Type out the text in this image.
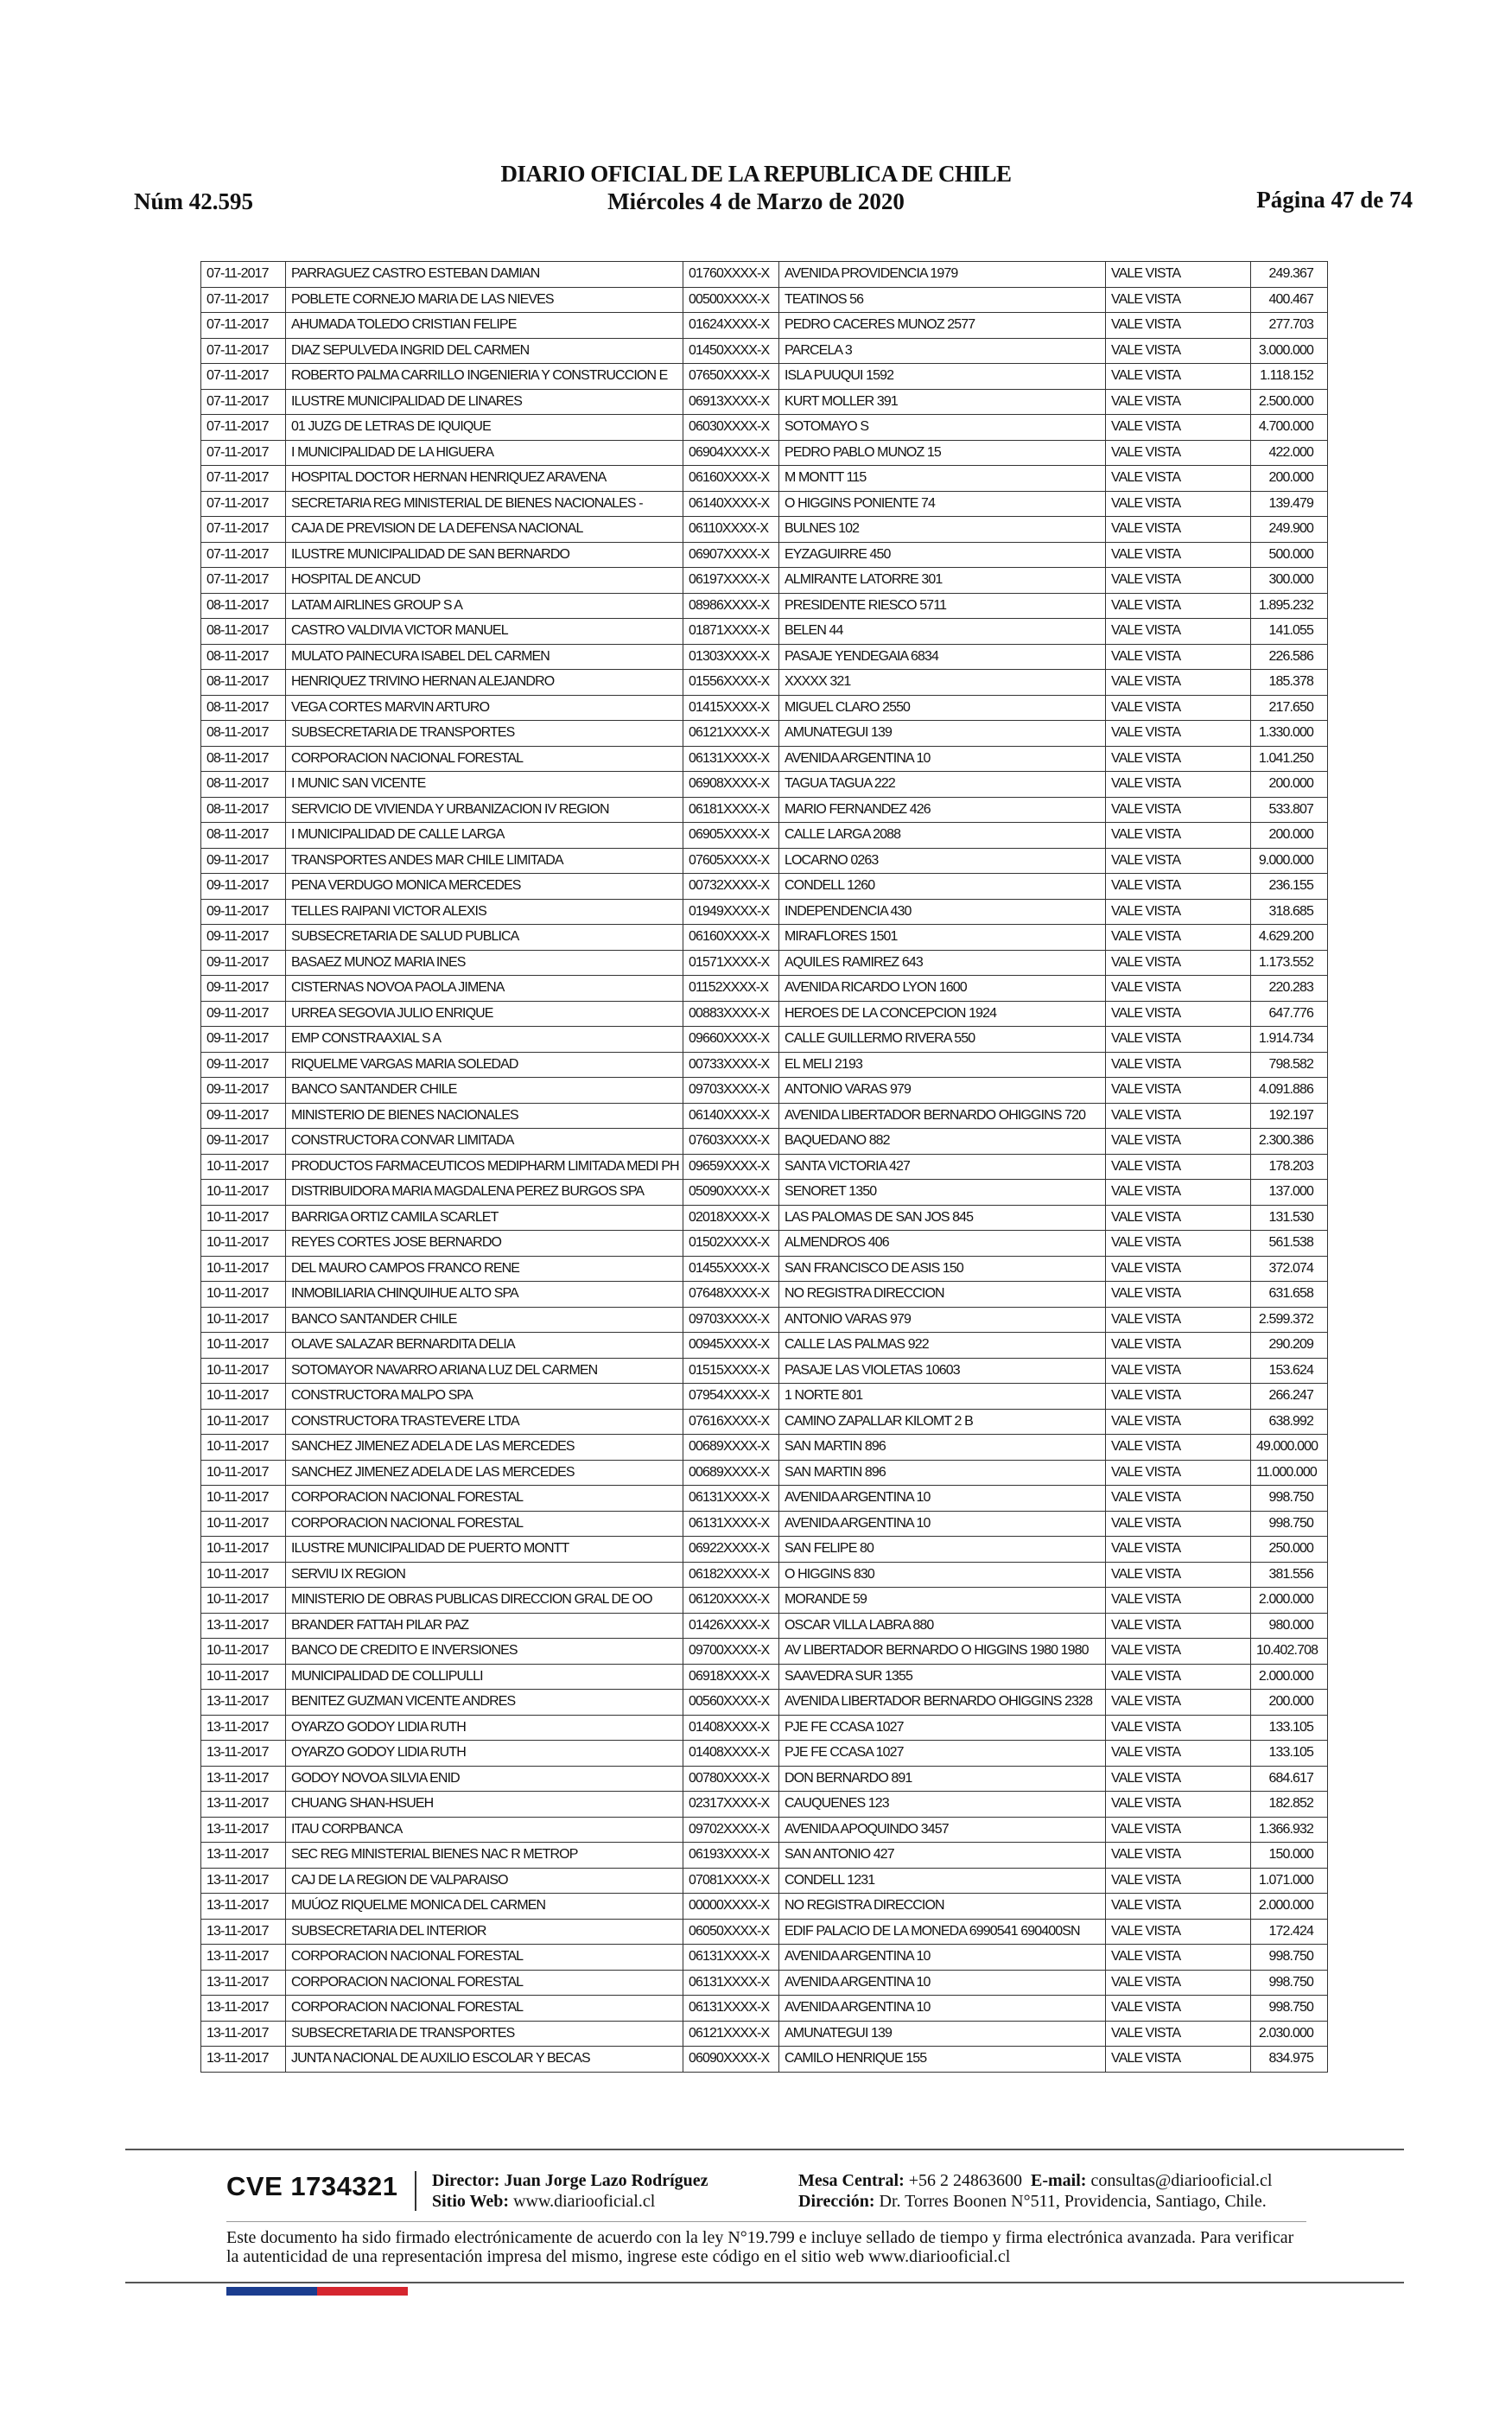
DIARIO OFICIAL DE LA REPUBLICA DE CHILE
Núm 42.595	Miércoles 4 de Marzo de 2020	Página 47 de 74
07-11-2017	PARRAGUEZ CASTRO ESTEBAN DAMIAN	01760XXXX-X	AVENIDA PROVIDENCIA 1979	VALE VISTA	249.367
07-11-2017	POBLETE CORNEJO MARIA DE LAS NIEVES	00500XXXX-X	TEATINOS 56	VALE VISTA	400.467
07-11-2017	AHUMADA TOLEDO CRISTIAN FELIPE	01624XXXX-X	PEDRO CACERES MUNOZ 2577	VALE VISTA	277.703
07-11-2017	DIAZ SEPULVEDA INGRID DEL CARMEN	01450XXXX-X	PARCELA 3	VALE VISTA	3.000.000
07-11-2017	ROBERTO PALMA CARRILLO INGENIERIA Y CONSTRUCCION E	07650XXXX-X	ISLA PUUQUI 1592	VALE VISTA	1.118.152
07-11-2017	ILUSTRE MUNICIPALIDAD DE LINARES	06913XXXX-X	KURT MOLLER 391	VALE VISTA	2.500.000
07-11-2017	01 JUZG DE LETRAS DE IQUIQUE	06030XXXX-X	SOTOMAYO S	VALE VISTA	4.700.000
07-11-2017	I MUNICIPALIDAD DE LA HIGUERA	06904XXXX-X	PEDRO PABLO MUNOZ 15	VALE VISTA	422.000
07-11-2017	HOSPITAL DOCTOR HERNAN HENRIQUEZ ARAVENA	06160XXXX-X	M MONTT 115	VALE VISTA	200.000
07-11-2017	SECRETARIA REG MINISTERIAL DE BIENES NACIONALES -	06140XXXX-X	O HIGGINS PONIENTE 74	VALE VISTA	139.479
07-11-2017	CAJA DE PREVISION DE LA DEFENSA NACIONAL	06110XXXX-X	BULNES 102	VALE VISTA	249.900
07-11-2017	ILUSTRE MUNICIPALIDAD DE SAN BERNARDO	06907XXXX-X	EYZAGUIRRE 450	VALE VISTA	500.000
07-11-2017	HOSPITAL DE ANCUD	06197XXXX-X	ALMIRANTE LATORRE 301	VALE VISTA	300.000
08-11-2017	LATAM AIRLINES GROUP S A	08986XXXX-X	PRESIDENTE RIESCO 5711	VALE VISTA	1.895.232
08-11-2017	CASTRO VALDIVIA VICTOR MANUEL	01871XXXX-X	BELEN 44	VALE VISTA	141.055
08-11-2017	MULATO PAINECURA ISABEL DEL CARMEN	01303XXXX-X	PASAJE YENDEGAIA 6834	VALE VISTA	226.586
08-11-2017	HENRIQUEZ TRIVINO HERNAN ALEJANDRO	01556XXXX-X	XXXXX 321	VALE VISTA	185.378
08-11-2017	VEGA CORTES MARVIN ARTURO	01415XXXX-X	MIGUEL CLARO 2550	VALE VISTA	217.650
08-11-2017	SUBSECRETARIA DE TRANSPORTES	06121XXXX-X	AMUNATEGUI 139	VALE VISTA	1.330.000
08-11-2017	CORPORACION NACIONAL FORESTAL	06131XXXX-X	AVENIDA ARGENTINA 10	VALE VISTA	1.041.250
08-11-2017	I MUNIC SAN VICENTE	06908XXXX-X	TAGUA TAGUA 222	VALE VISTA	200.000
08-11-2017	SERVICIO DE VIVIENDA Y URBANIZACION IV REGION	06181XXXX-X	MARIO FERNANDEZ 426	VALE VISTA	533.807
08-11-2017	I MUNICIPALIDAD DE CALLE LARGA	06905XXXX-X	CALLE LARGA 2088	VALE VISTA	200.000
09-11-2017	TRANSPORTES ANDES MAR CHILE LIMITADA	07605XXXX-X	LOCARNO 0263	VALE VISTA	9.000.000
09-11-2017	PENA VERDUGO MONICA MERCEDES	00732XXXX-X	CONDELL 1260	VALE VISTA	236.155
09-11-2017	TELLES RAIPANI VICTOR ALEXIS	01949XXXX-X	INDEPENDENCIA 430	VALE VISTA	318.685
09-11-2017	SUBSECRETARIA DE SALUD PUBLICA	06160XXXX-X	MIRAFLORES 1501	VALE VISTA	4.629.200
09-11-2017	BASAEZ MUNOZ MARIA INES	01571XXXX-X	AQUILES RAMIREZ 643	VALE VISTA	1.173.552
09-11-2017	CISTERNAS NOVOA PAOLA JIMENA	01152XXXX-X	AVENIDA RICARDO LYON 1600	VALE VISTA	220.283
09-11-2017	URREA SEGOVIA JULIO ENRIQUE	00883XXXX-X	HEROES DE LA CONCEPCION 1924	VALE VISTA	647.776
09-11-2017	EMP CONSTRAAXIAL S A	09660XXXX-X	CALLE GUILLERMO RIVERA 550	VALE VISTA	1.914.734
09-11-2017	RIQUELME VARGAS MARIA SOLEDAD	00733XXXX-X	EL MELI 2193	VALE VISTA	798.582
09-11-2017	BANCO SANTANDER CHILE	09703XXXX-X	ANTONIO VARAS 979	VALE VISTA	4.091.886
09-11-2017	MINISTERIO DE BIENES NACIONALES	06140XXXX-X	AVENIDA LIBERTADOR BERNARDO OHIGGINS 720	VALE VISTA	192.197
09-11-2017	CONSTRUCTORA CONVAR LIMITADA	07603XXXX-X	BAQUEDANO 882	VALE VISTA	2.300.386
10-11-2017	PRODUCTOS FARMACEUTICOS MEDIPHARM LIMITADA MEDI PH	09659XXXX-X	SANTA VICTORIA 427	VALE VISTA	178.203
10-11-2017	DISTRIBUIDORA MARIA MAGDALENA PEREZ BURGOS SPA	05090XXXX-X	SENORET 1350	VALE VISTA	137.000
10-11-2017	BARRIGA ORTIZ CAMILA SCARLET	02018XXXX-X	LAS PALOMAS DE SAN JOS 845	VALE VISTA	131.530
10-11-2017	REYES CORTES JOSE BERNARDO	01502XXXX-X	ALMENDROS 406	VALE VISTA	561.538
10-11-2017	DEL MAURO CAMPOS FRANCO RENE	01455XXXX-X	SAN FRANCISCO DE ASIS 150	VALE VISTA	372.074
10-11-2017	INMOBILIARIA CHINQUIHUE ALTO SPA	07648XXXX-X	NO REGISTRA DIRECCION	VALE VISTA	631.658
10-11-2017	BANCO SANTANDER CHILE	09703XXXX-X	ANTONIO VARAS 979	VALE VISTA	2.599.372
10-11-2017	OLAVE SALAZAR BERNARDITA DELIA	00945XXXX-X	CALLE LAS PALMAS 922	VALE VISTA	290.209
10-11-2017	SOTOMAYOR NAVARRO ARIANA LUZ DEL CARMEN	01515XXXX-X	PASAJE LAS VIOLETAS 10603	VALE VISTA	153.624
10-11-2017	CONSTRUCTORA MALPO SPA	07954XXXX-X	1 NORTE 801	VALE VISTA	266.247
10-11-2017	CONSTRUCTORA TRASTEVERE LTDA	07616XXXX-X	CAMINO ZAPALLAR KILOMT 2 B	VALE VISTA	638.992
10-11-2017	SANCHEZ JIMENEZ ADELA DE LAS MERCEDES	00689XXXX-X	SAN MARTIN 896	VALE VISTA	49.000.000
10-11-2017	SANCHEZ JIMENEZ ADELA DE LAS MERCEDES	00689XXXX-X	SAN MARTIN 896	VALE VISTA	11.000.000
10-11-2017	CORPORACION NACIONAL FORESTAL	06131XXXX-X	AVENIDA ARGENTINA 10	VALE VISTA	998.750
10-11-2017	CORPORACION NACIONAL FORESTAL	06131XXXX-X	AVENIDA ARGENTINA 10	VALE VISTA	998.750
10-11-2017	ILUSTRE MUNICIPALIDAD DE PUERTO MONTT	06922XXXX-X	SAN FELIPE 80	VALE VISTA	250.000
10-11-2017	SERVIU IX REGION	06182XXXX-X	O HIGGINS 830	VALE VISTA	381.556
10-11-2017	MINISTERIO DE OBRAS PUBLICAS DIRECCION GRAL DE OO	06120XXXX-X	MORANDE 59	VALE VISTA	2.000.000
13-11-2017	BRANDER FATTAH PILAR PAZ	01426XXXX-X	OSCAR VILLA LABRA 880	VALE VISTA	980.000
10-11-2017	BANCO DE CREDITO E INVERSIONES	09700XXXX-X	AV LIBERTADOR BERNARDO O HIGGINS 1980 1980	VALE VISTA	10.402.708
10-11-2017	MUNICIPALIDAD DE COLLIPULLI	06918XXXX-X	SAAVEDRA SUR 1355	VALE VISTA	2.000.000
13-11-2017	BENITEZ GUZMAN VICENTE ANDRES	00560XXXX-X	AVENIDA LIBERTADOR BERNARDO OHIGGINS 2328	VALE VISTA	200.000
13-11-2017	OYARZO GODOY LIDIA RUTH	01408XXXX-X	PJE FE CCASA 1027	VALE VISTA	133.105
13-11-2017	OYARZO GODOY LIDIA RUTH	01408XXXX-X	PJE FE CCASA 1027	VALE VISTA	133.105
13-11-2017	GODOY NOVOA SILVIA ENID	00780XXXX-X	DON BERNARDO 891	VALE VISTA	684.617
13-11-2017	CHUANG SHAN-HSUEH	02317XXXX-X	CAUQUENES 123	VALE VISTA	182.852
13-11-2017	ITAU CORPBANCA	09702XXXX-X	AVENIDA APOQUINDO 3457	VALE VISTA	1.366.932
13-11-2017	SEC REG MINISTERIAL BIENES NAC R METROP	06193XXXX-X	SAN ANTONIO 427	VALE VISTA	150.000
13-11-2017	CAJ DE LA REGION DE VALPARAISO	07081XXXX-X	CONDELL 1231	VALE VISTA	1.071.000
13-11-2017	MUÚOZ RIQUELME MONICA DEL CARMEN	00000XXXX-X	NO REGISTRA DIRECCION	VALE VISTA	2.000.000
13-11-2017	SUBSECRETARIA DEL INTERIOR	06050XXXX-X	EDIF PALACIO DE LA MONEDA 6990541 690400SN	VALE VISTA	172.424
13-11-2017	CORPORACION NACIONAL FORESTAL	06131XXXX-X	AVENIDA ARGENTINA 10	VALE VISTA	998.750
13-11-2017	CORPORACION NACIONAL FORESTAL	06131XXXX-X	AVENIDA ARGENTINA 10	VALE VISTA	998.750
13-11-2017	CORPORACION NACIONAL FORESTAL	06131XXXX-X	AVENIDA ARGENTINA 10	VALE VISTA	998.750
13-11-2017	SUBSECRETARIA DE TRANSPORTES	06121XXXX-X	AMUNATEGUI 139	VALE VISTA	2.030.000
13-11-2017	JUNTA NACIONAL DE AUXILIO ESCOLAR Y BECAS	06090XXXX-X	CAMILO HENRIQUE 155	VALE VISTA	834.975
CVE 1734321 Director: Juan Jorge Lazo Rodríguez
Sitio Web: www.diariooficial.cl
Mesa Central: +56 2 24863600 E-mail: consultas@diariooficial.cl
Dirección: Dr. Torres Boonen N°511, Providencia, Santiago, Chile.
Este documento ha sido firmado electrónicamente de acuerdo con la ley N°19.799 e incluye sellado de tiempo y firma electrónica avanzada. Para verificar la autenticidad de una representación impresa del mismo, ingrese este código en el sitio web www.diariooficial.cl
